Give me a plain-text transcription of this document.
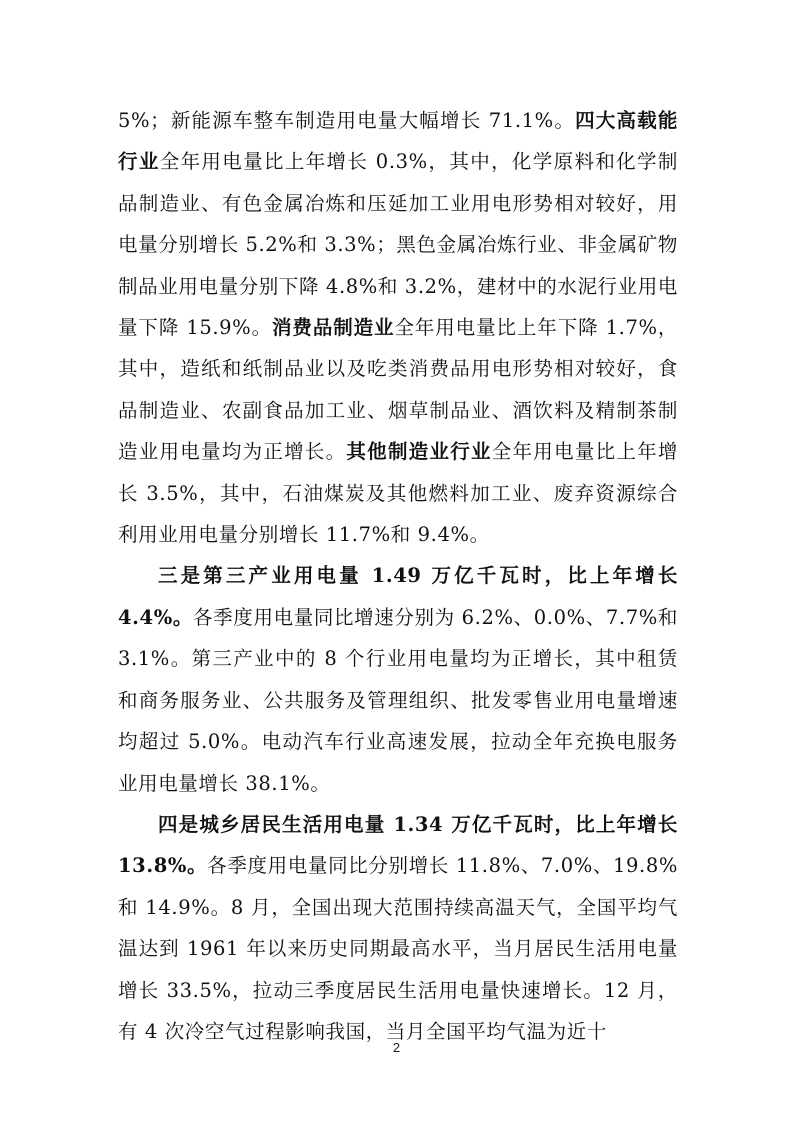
5%；新能源车整车制造用电量大幅增长 71.1%。四大高载能行业全年用电量比上年增长 0.3%，其中，化学原料和化学制品制造业、有色金属冶炼和压延加工业用电形势相对较好，用电量分别增长 5.2%和 3.3%；黑色金属冶炼行业、非金属矿物制品业用电量分别下降 4.8%和 3.2%，建材中的水泥行业用电量下降 15.9%。消费品制造业全年用电量比上年下降 1.7%，其中，造纸和纸制品业以及吃类消费品用电形势相对较好，食品制造业、农副食品加工业、烟草制品业、酒饮料及精制茶制造业用电量均为正增长。其他制造业行业全年用电量比上年增长 3.5%，其中，石油煤炭及其他燃料加工业、废弃资源综合利用业用电量分别增长 11.7%和 9.4%。

三是第三产业用电量 1.49 万亿千瓦时，比上年增长 4.4%。各季度用电量同比增速分别为 6.2%、0.0%、7.7%和 3.1%。第三产业中的 8 个行业用电量均为正增长，其中租赁和商务服务业、公共服务及管理组织、批发零售业用电量增速均超过 5.0%。电动汽车行业高速发展，拉动全年充换电服务业用电量增长 38.1%。

四是城乡居民生活用电量 1.34 万亿千瓦时，比上年增长 13.8%。各季度用电量同比分别增长 11.8%、7.0%、19.8%和 14.9%。8 月，全国出现大范围持续高温天气，全国平均气温达到 1961 年以来历史同期最高水平，当月居民生活用电量增长 33.5%，拉动三季度居民生活用电量快速增长。12 月，有 4 次冷空气过程影响我国，当月全国平均气温为近十

2
